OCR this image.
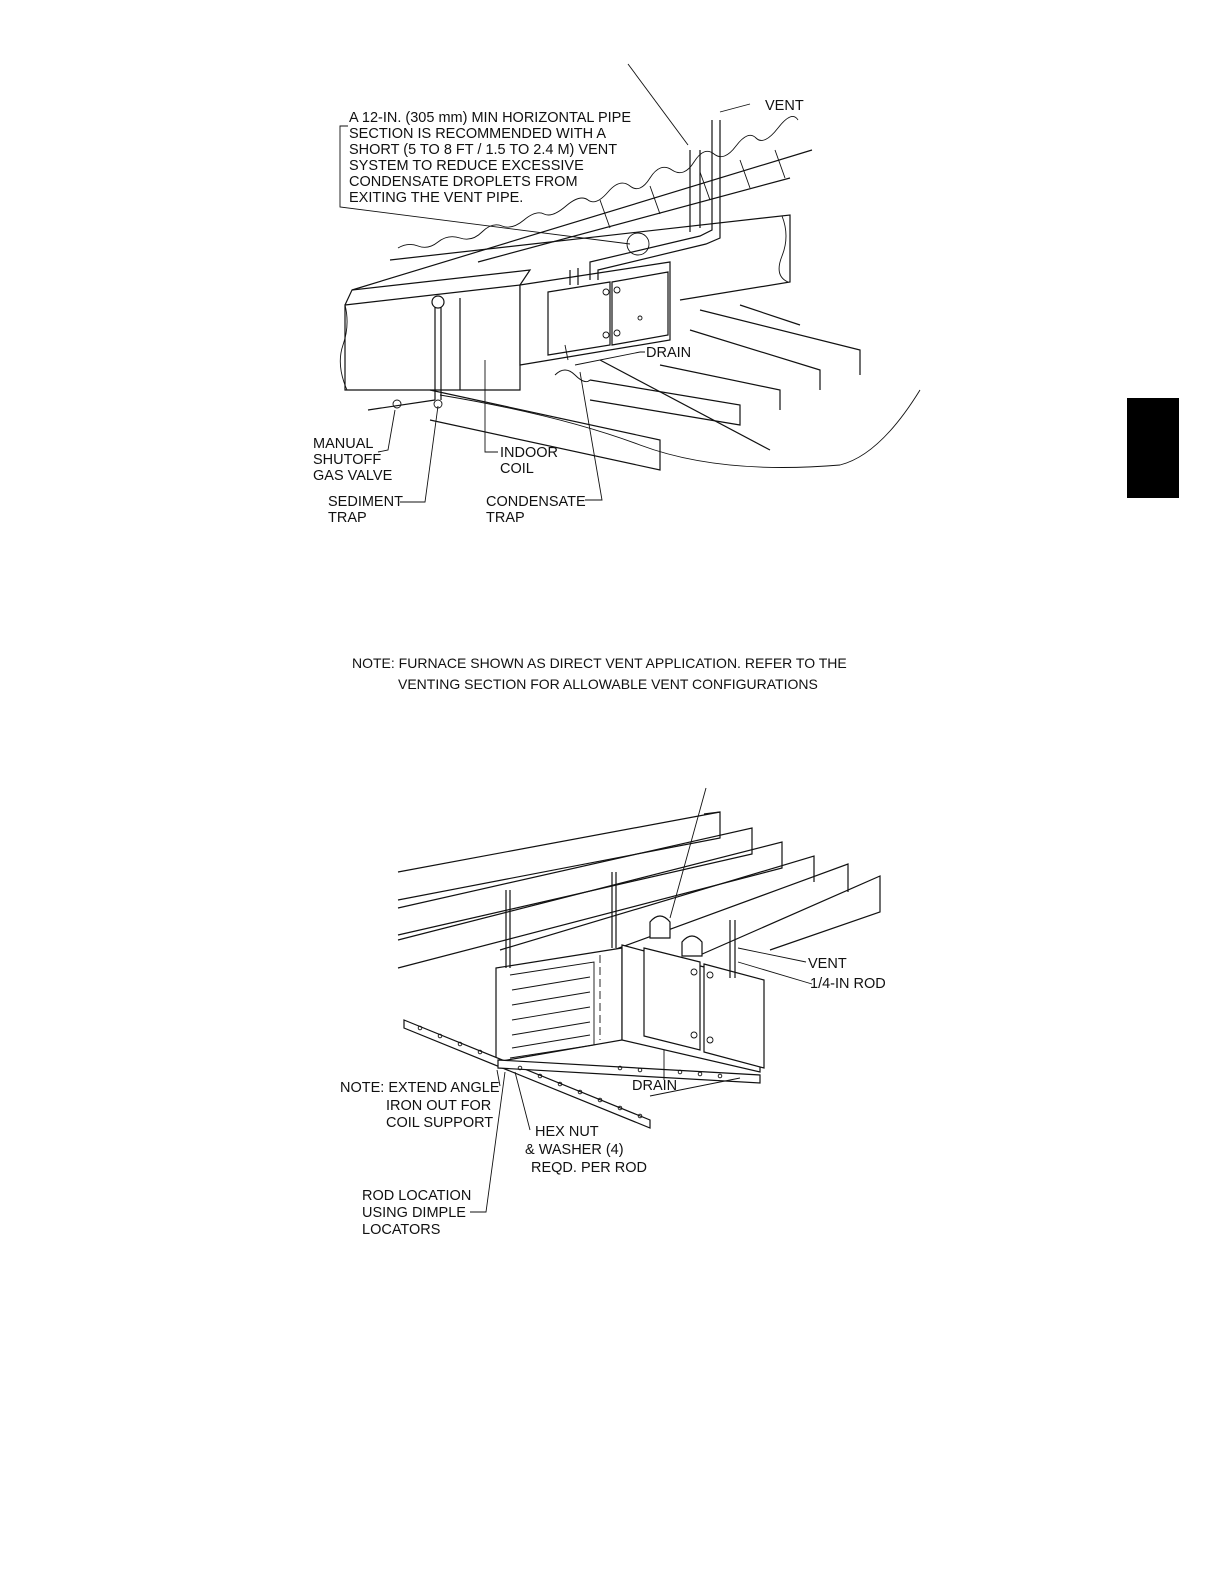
A 12-IN. (305 mm) MIN HORIZONTAL PIPE
SECTION IS RECOMMENDED WITH A
SHORT (5 TO 8 FT / 1.5 TO 2.4 M) VENT
SYSTEM TO REDUCE EXCESSIVE
CONDENSATE DROPLETS FROM
EXITING THE VENT PIPE.
VENT
DRAIN
MANUAL
SHUTOFF
GAS VALVE
SEDIMENT
TRAP
INDOOR
COIL
CONDENSATE
TRAP
NOTE: FURNACE SHOWN AS DIRECT VENT APPLICATION. REFER TO THE
VENTING SECTION FOR ALLOWABLE VENT CONFIGURATIONS
VENT
1/4-IN ROD
DRAIN
NOTE: EXTEND ANGLE
IRON OUT FOR
COIL SUPPORT
HEX NUT
& WASHER (4)
REQD. PER ROD
ROD LOCATION
USING DIMPLE
LOCATORS
